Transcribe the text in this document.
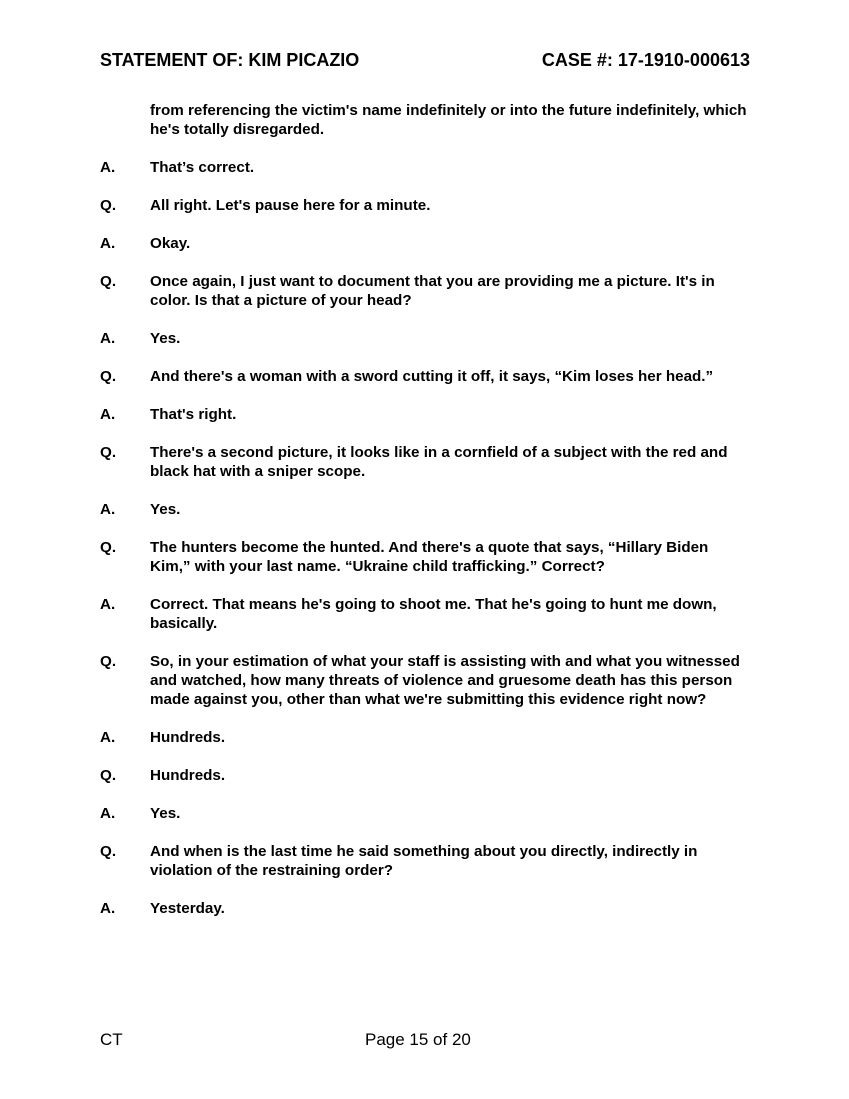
STATEMENT OF: KIM PICAZIO	CASE #: 17-1910-000613
from referencing the victim's name indefinitely or into the future indefinitely, which he's totally disregarded.
A.	That’s correct.
Q.	All right. Let's pause here for a minute.
A.	Okay.
Q.	Once again, I just want to document that you are providing me a picture. It's in color. Is that a picture of your head?
A.	Yes.
Q.	And there's a woman with a sword cutting it off, it says, “Kim loses her head.”
A.	That's right.
Q.	There's a second picture, it looks like in a cornfield of a subject with the red and black hat with a sniper scope.
A.	Yes.
Q.	The hunters become the hunted. And there's a quote that says, “Hillary Biden Kim,” with your last name. “Ukraine child trafficking.” Correct?
A.	Correct. That means he's going to shoot me. That he's going to hunt me down, basically.
Q.	So, in your estimation of what your staff is assisting with and what you witnessed and watched, how many threats of violence and gruesome death has this person made against you, other than what we're submitting this evidence right now?
A.	Hundreds.
Q.	Hundreds.
A.	Yes.
Q.	And when is the last time he said something about you directly, indirectly in violation of the restraining order?
A.	Yesterday.
CT	Page 15 of 20
